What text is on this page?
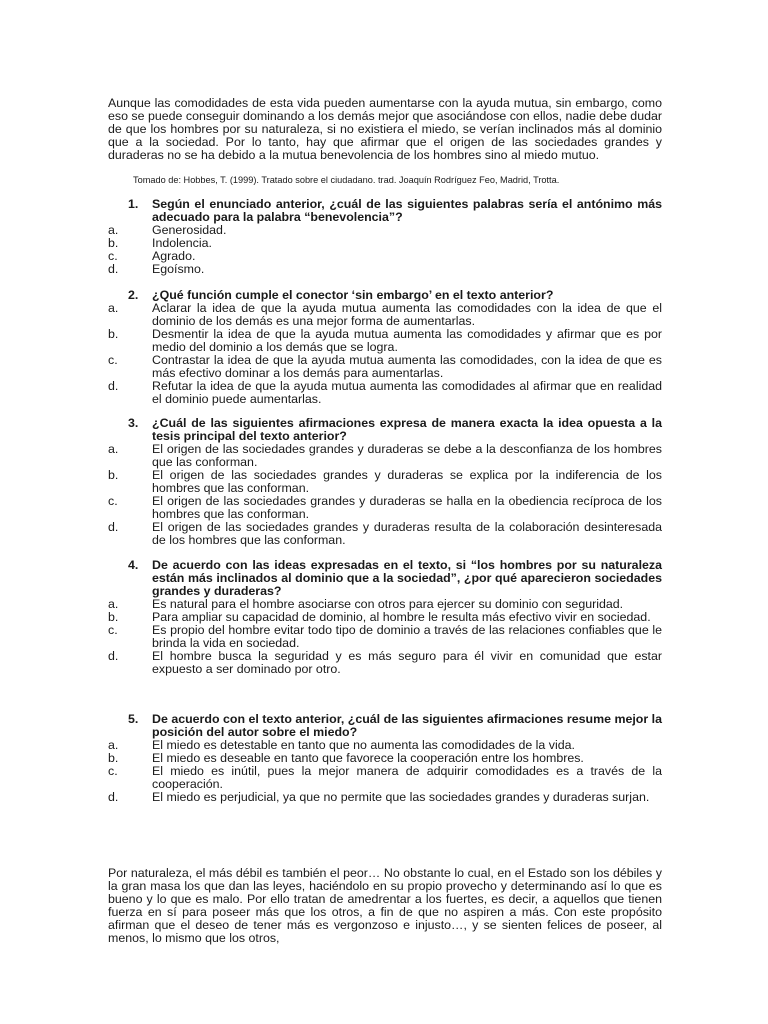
Aunque las comodidades de esta vida pueden aumentarse con la ayuda mutua, sin embargo, como eso se puede conseguir dominando a los demás mejor que asociándose con ellos, nadie debe dudar de que los hombres por su naturaleza, si no existiera el miedo, se verían inclinados más al dominio que a la sociedad. Por lo tanto, hay que afirmar que el origen de las sociedades grandes y duraderas no se ha debido a la mutua benevolencia de los hombres sino al miedo mutuo.

Tomado de: Hobbes, T. (1999). Tratado sobre el ciudadano. trad. Joaquín Rodríguez Feo, Madrid, Trotta.

1. Según el enunciado anterior, ¿cuál de las siguientes palabras sería el antónimo más adecuado para la palabra “benevolencia”?
a.	Generosidad.
b.	Indolencia.
c.	Agrado.
d.	Egoísmo.
2. ¿Qué función cumple el conector ‘sin embargo’ en el texto anterior?
a.	Aclarar la idea de que la ayuda mutua aumenta las comodidades con la idea de que el dominio de los demás es una mejor forma de aumentarlas.
b.	Desmentir la idea de que la ayuda mutua aumenta las comodidades y afirmar que es por medio del dominio a los demás que se logra.
c.	Contrastar la idea de que la ayuda mutua aumenta las comodidades, con la idea de que es más efectivo dominar a los demás para aumentarlas.
d.	Refutar la idea de que la ayuda mutua aumenta las comodidades al afirmar que en realidad el dominio puede aumentarlas.
3. ¿Cuál de las siguientes afirmaciones expresa de manera exacta la idea opuesta a la tesis principal del texto anterior?
a.	El origen de las sociedades grandes y duraderas se debe a la desconfianza de los hombres que las conforman.
b.	El origen de las sociedades grandes y duraderas se explica por la indiferencia de los hombres que las conforman.
c.	El origen de las sociedades grandes y duraderas se halla en la obediencia recíproca de los hombres que las conforman.
d.	El origen de las sociedades grandes y duraderas resulta de la colaboración desinteresada de los hombres que las conforman.
4. De acuerdo con las ideas expresadas en el texto, si “los hombres por su naturaleza están más inclinados al dominio que a la sociedad”, ¿por qué aparecieron sociedades grandes y duraderas?
a.	Es natural para el hombre asociarse con otros para ejercer su dominio con seguridad.
b.	Para ampliar su capacidad de dominio, al hombre le resulta más efectivo vivir en sociedad.
c.	Es propio del hombre evitar todo tipo de dominio a través de las relaciones confiables que le brinda la vida en sociedad.
d.	El hombre busca la seguridad y es más seguro para él vivir en comunidad que estar expuesto a ser dominado por otro.
5. De acuerdo con el texto anterior, ¿cuál de las siguientes afirmaciones resume mejor la posición del autor sobre el miedo?
a.	El miedo es detestable en tanto que no aumenta las comodidades de la vida.
b.	El miedo es deseable en tanto que favorece la cooperación entre los hombres.
c.	El miedo es inútil, pues la mejor manera de adquirir comodidades es a través de la cooperación.
d.	El miedo es perjudicial, ya que no permite que las sociedades grandes y duraderas surjan.

Por naturaleza, el más débil es también el peor… No obstante lo cual, en el Estado son los débiles y la gran masa los que dan las leyes, haciéndolo en su propio provecho y determinando así lo que es bueno y lo que es malo. Por ello tratan de amedrentar a los fuertes, es decir, a aquellos que tienen fuerza en sí para poseer más que los otros, a fin de que no aspiren a más. Con este propósito afirman que el deseo de tener más es vergonzoso e injusto…, y se sienten felices de poseer, al menos, lo mismo que los otros,
